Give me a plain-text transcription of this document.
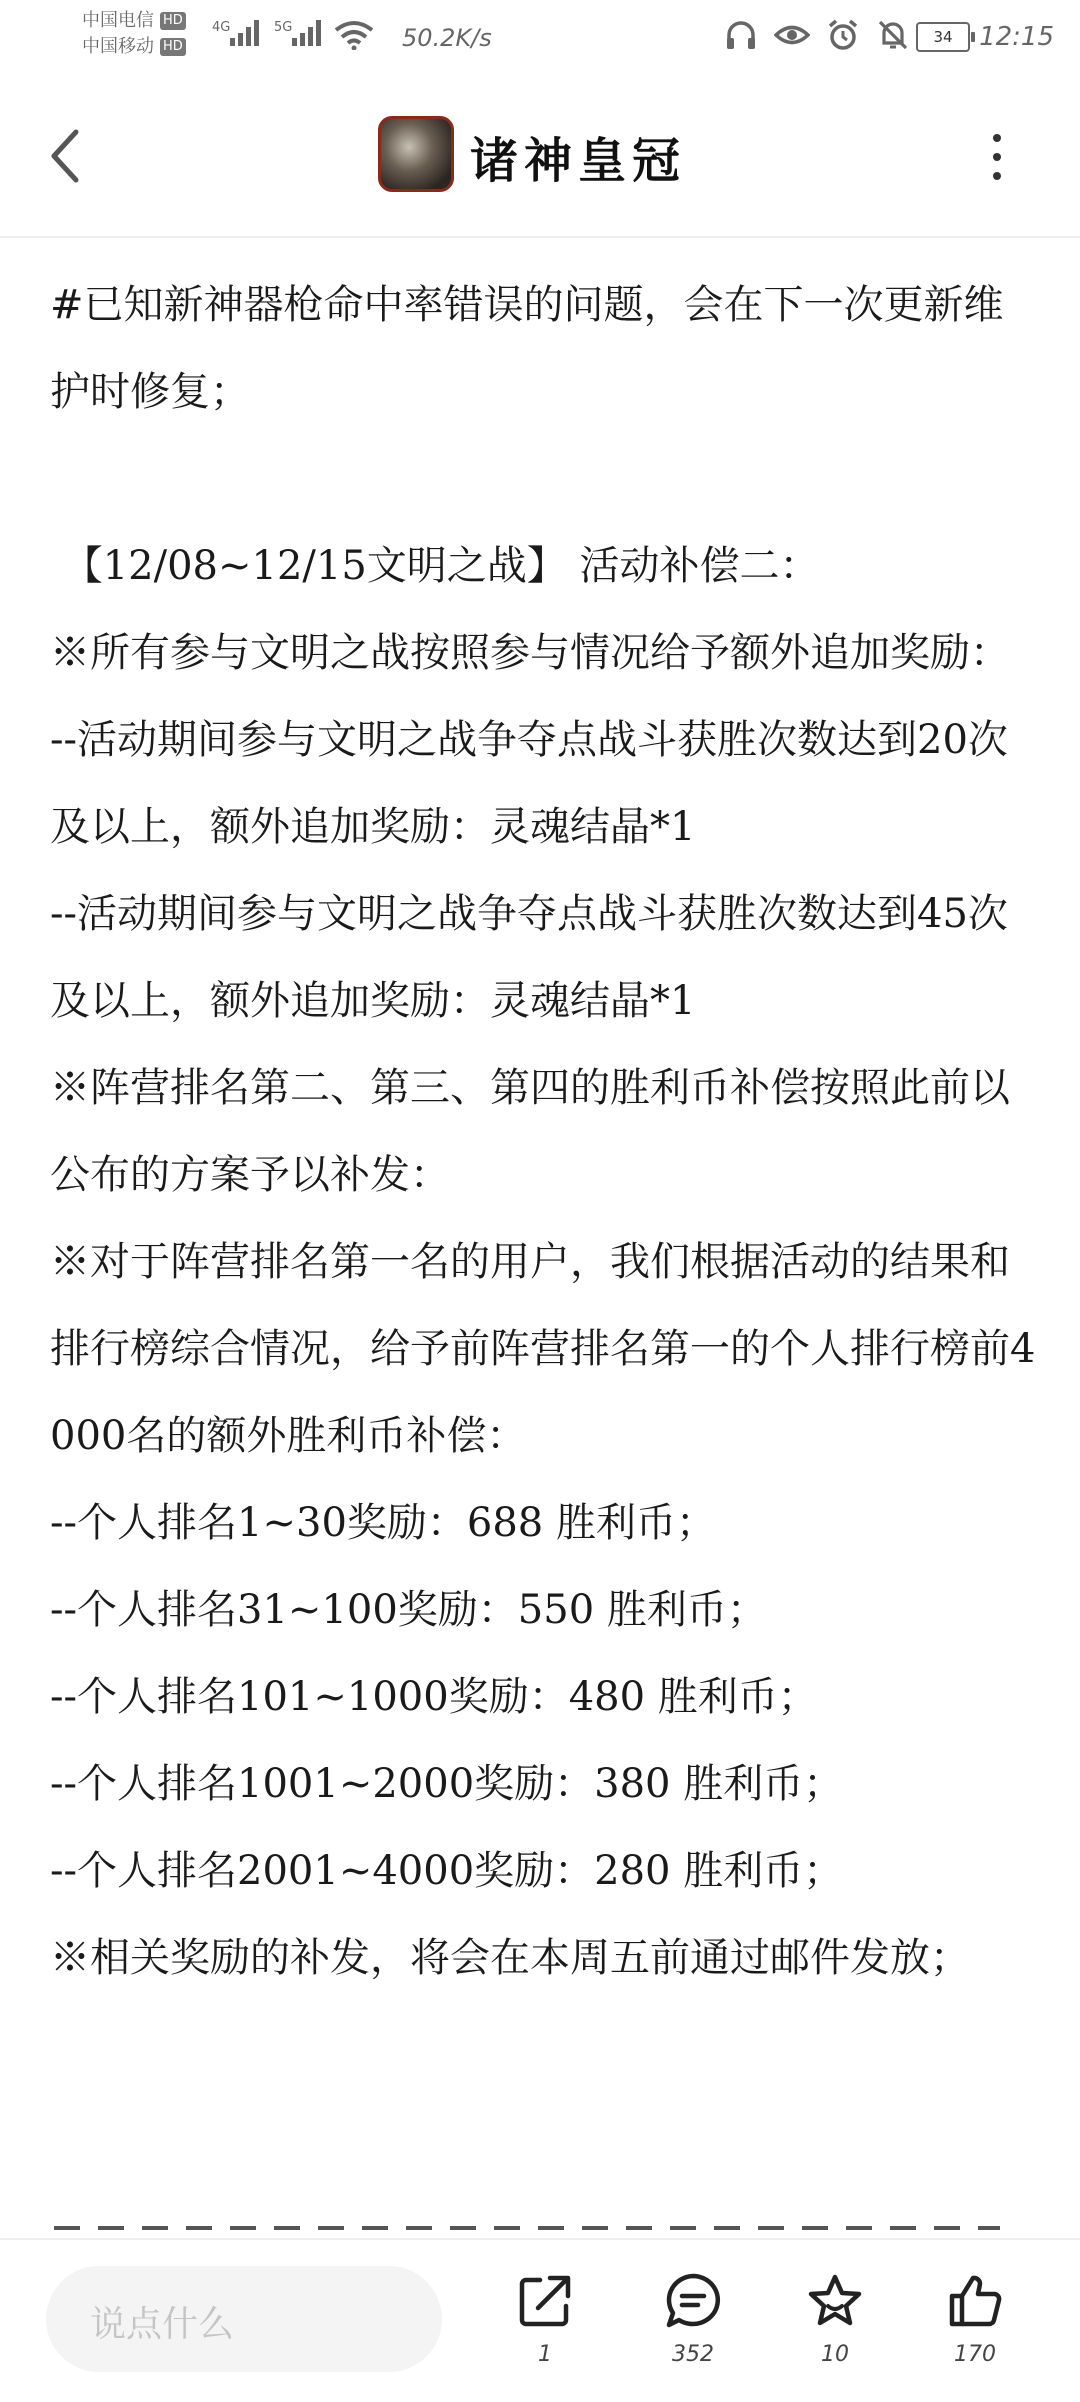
中国电信 HD
中国移动 HD
4G	5G	50.2K/s	34	12:15
诸神皇冠

#已知新神器枪命中率错误的问题，会在下一次更新维护时修复；

【12/08~12/15文明之战】 活动补偿二：

※所有参与文明之战按照参与情况给予额外追加奖励：

--活动期间参与文明之战争夺点战斗获胜次数达到20次及以上，额外追加奖励：灵魂结晶*1

--活动期间参与文明之战争夺点战斗获胜次数达到45次及以上，额外追加奖励：灵魂结晶*1

※阵营排名第二、第三、第四的胜利币补偿按照此前以公布的方案予以补发：

※对于阵营排名第一名的用户，我们根据活动的结果和排行榜综合情况，给予前阵营排名第一的个人排行榜前4000名的额外胜利币补偿：

--个人排名1~30奖励：688 胜利币；

--个人排名31~100奖励：550 胜利币；

--个人排名101~1000奖励：480 胜利币；

--个人排名1001~2000奖励：380 胜利币；

--个人排名2001~4000奖励：280 胜利币；

※相关奖励的补发，将会在本周五前通过邮件发放；

说点什么
1	352	10	170
